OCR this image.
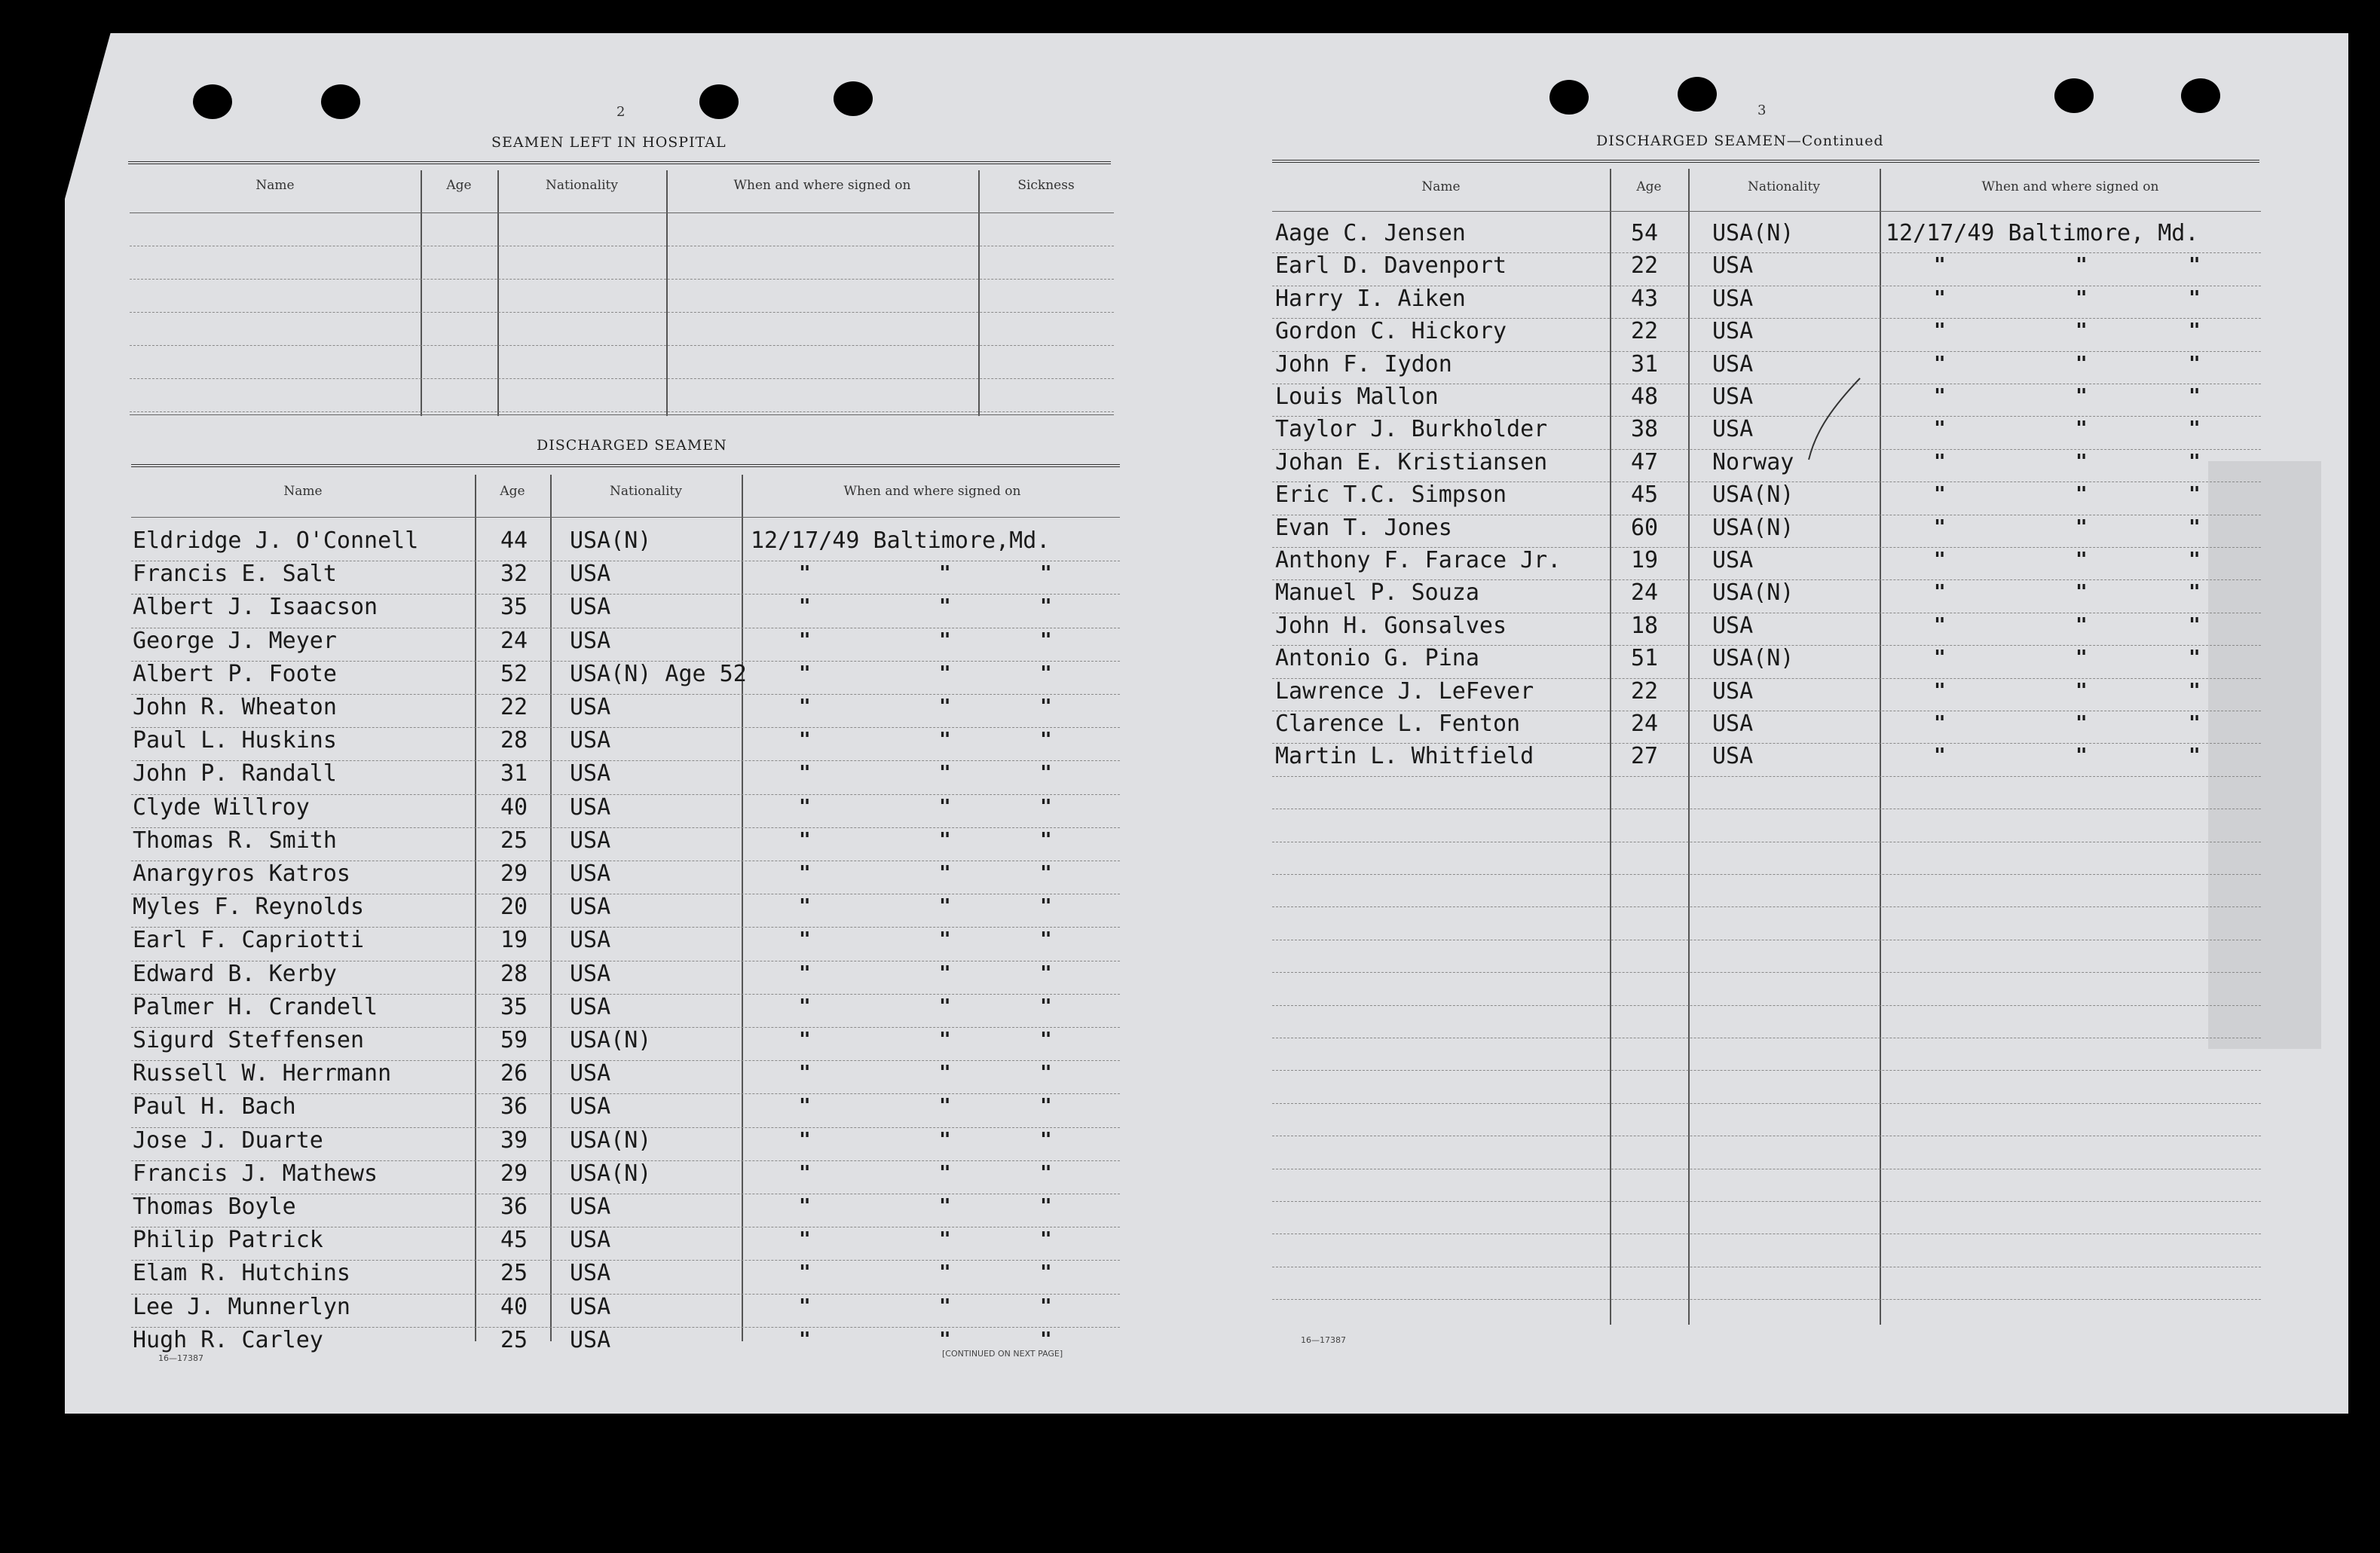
2
SEAMEN LEFT IN HOSPITAL
Name	Age	Nationality	When and where signed on	Sickness
DISCHARGED SEAMEN
Name	Age	Nationality	When and where signed on
Eldridge J. O'Connell	44 USA(N)	12/17/49 Baltimore,Md.
Francis E. Salt	32 USA	"	"	"
Albert J. Isaacson	35 USA	"	"	"
George J. Meyer	24 USA	"	"	"
Albert P. Foote	52 USA(N) Age 52	"	"	"
John R. Wheaton	22 USA	"	"	"
Paul L. Huskins	28 USA	"	"	"
John P. Randall	31 USA	"	"	"
Clyde Willroy	40 USA	"	"	"
Thomas R. Smith	25 USA	"	"	"
Anargyros Katros	29 USA	"	"	"
Myles F. Reynolds	20 USA	"	"	"
Earl F. Capriotti	19 USA	"	"	"
Edward B. Kerby	28 USA	"	"	"
Palmer H. Crandell	35 USA	"	"	"
Sigurd Steffensen	59 USA(N)	"	"	"
Russell W. Herrmann	26 USA	"	"	"
Paul H. Bach	36 USA	"	"	"
Jose J. Duarte	39 USA(N)	"	"	"
Francis J. Mathews	29 USA(N)	"	"	"
Thomas Boyle	36 USA	"	"	"
Philip Patrick	45 USA	"	"	"
Elam R. Hutchins	25 USA	"	"	"
Lee J. Munnerlyn	40 USA	"	"	"
Hugh R. Carley	25 USA	"	"	"
16—17387	[CONTINUED ON NEXT PAGE]
3
DISCHARGED SEAMEN—Continued
Name	Age	Nationality	When and where signed on
Aage C. Jensen	54 USA(N)	12/17/49 Baltimore, Md.
Earl D. Davenport	22 USA	"	"	"
Harry I. Aiken	43 USA	"	"	"
Gordon C. Hickory	22 USA	"	"	"
John F. Iydon	31 USA	"	"	"
Louis Mallon	48 USA	"	"	"
Taylor J. Burkholder	38 USA	"	"	"
Johan E. Kristiansen	47 Norway	"	"	"
Eric T.C. Simpson	45 USA(N)	"	"	"
Evan T. Jones	60 USA(N)	"	"	"
Anthony F. Farace Jr.	19 USA	"	"	"
Manuel P. Souza	24 USA(N)	"	"	"
John H. Gonsalves	18 USA	"	"	"
Antonio G. Pina	51 USA(N)	"	"	"
Lawrence J. LeFever	22 USA	"	"	"
Clarence L. Fenton	24 USA	"	"	"
Martin L. Whitfield	27 USA	"	"	"
16—17387
